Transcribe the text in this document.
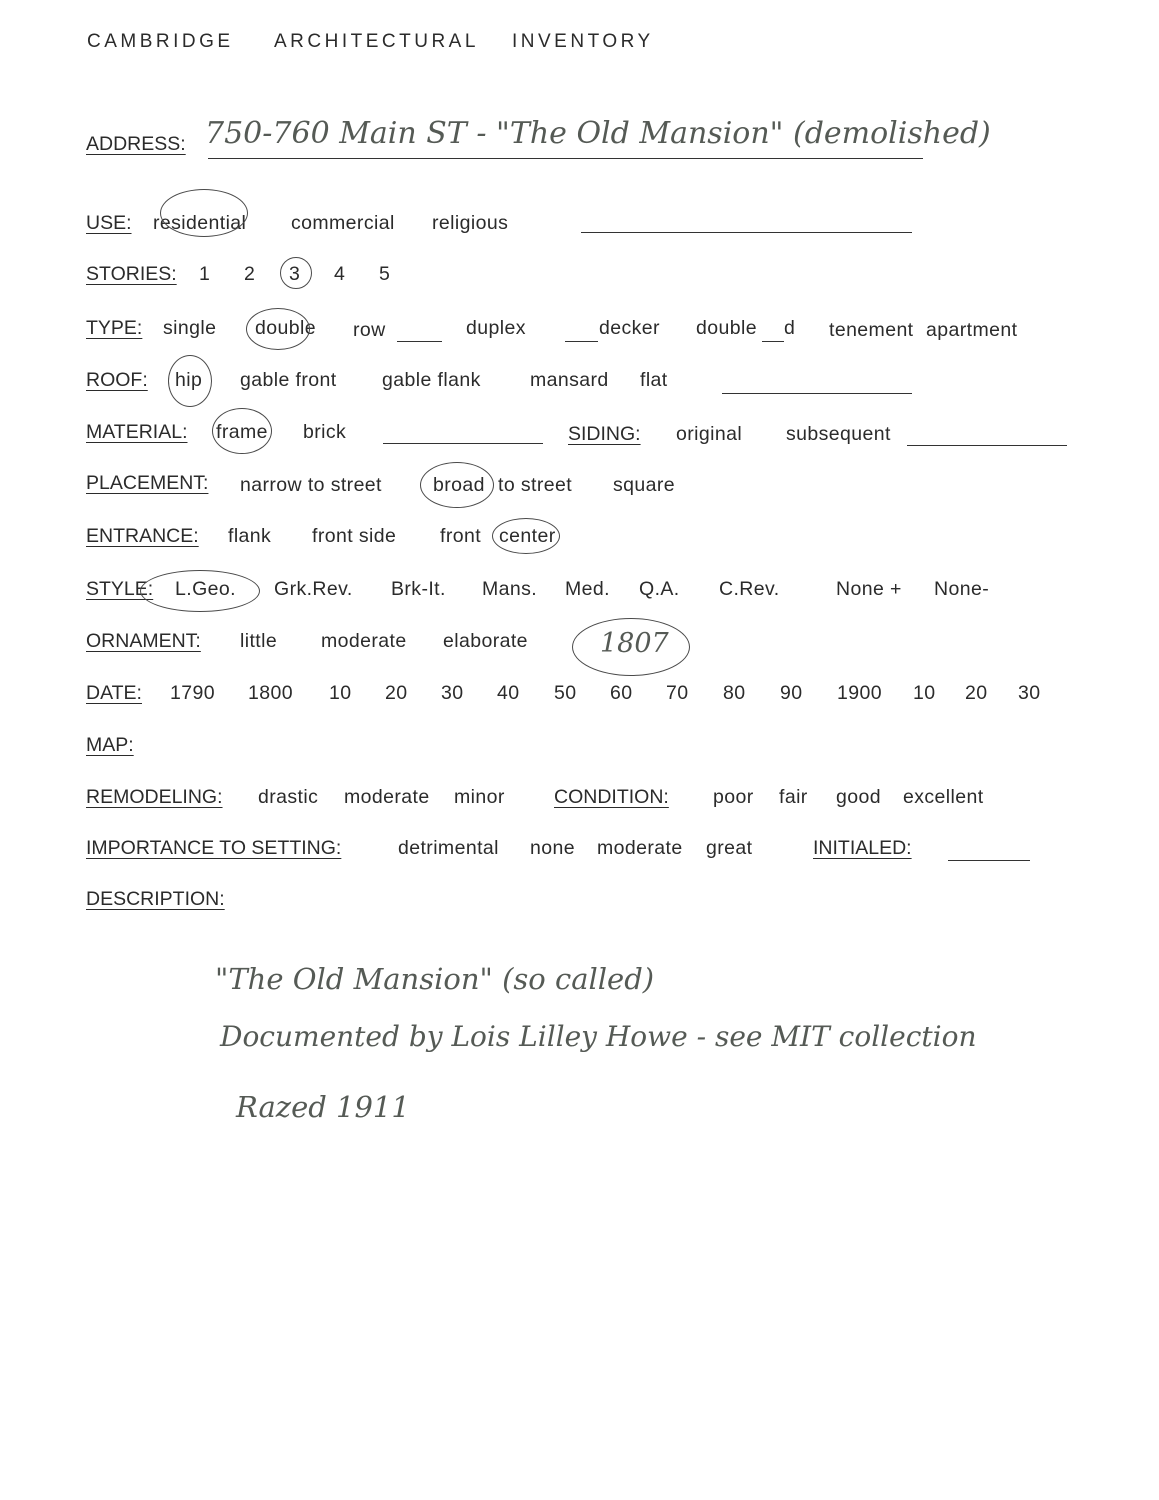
CAMBRIDGE ARCHITECTURAL INVENTORY
ADDRESS: 750-760 Main ST - "The Old Mansion" (demolished)
USE: residential commercial religious
STORIES: 1 2 3 4 5
TYPE: single double row	duplex	decker double d tenement apartment
ROOF: hip gable front gable flank	mansard flat
MATERIAL: frame brick	SIDING: original subsequent
PLACEMENT: narrow to street	broad to street square
ENTRANCE: flank front side front center
STYLE: L.Geo. Grk.Rev. Brk-It. Mans. Med. Q.A. C.Rev.	None + None-
ORNAMENT: little moderate elaborate	1807
DATE: 1790 1800 10 20 30 40 50 60 70 80 90 1900 10 20 30
MAP:
REMODELING: drastic moderate minor	CONDITION: poor fair good excellent
IMPORTANCE TO SETTING:	detrimental none moderate great	INITIALED:
DESCRIPTION:
"The Old Mansion" (so called)
Documented by Lois Lilley Howe - see MIT collection
Razed 1911
